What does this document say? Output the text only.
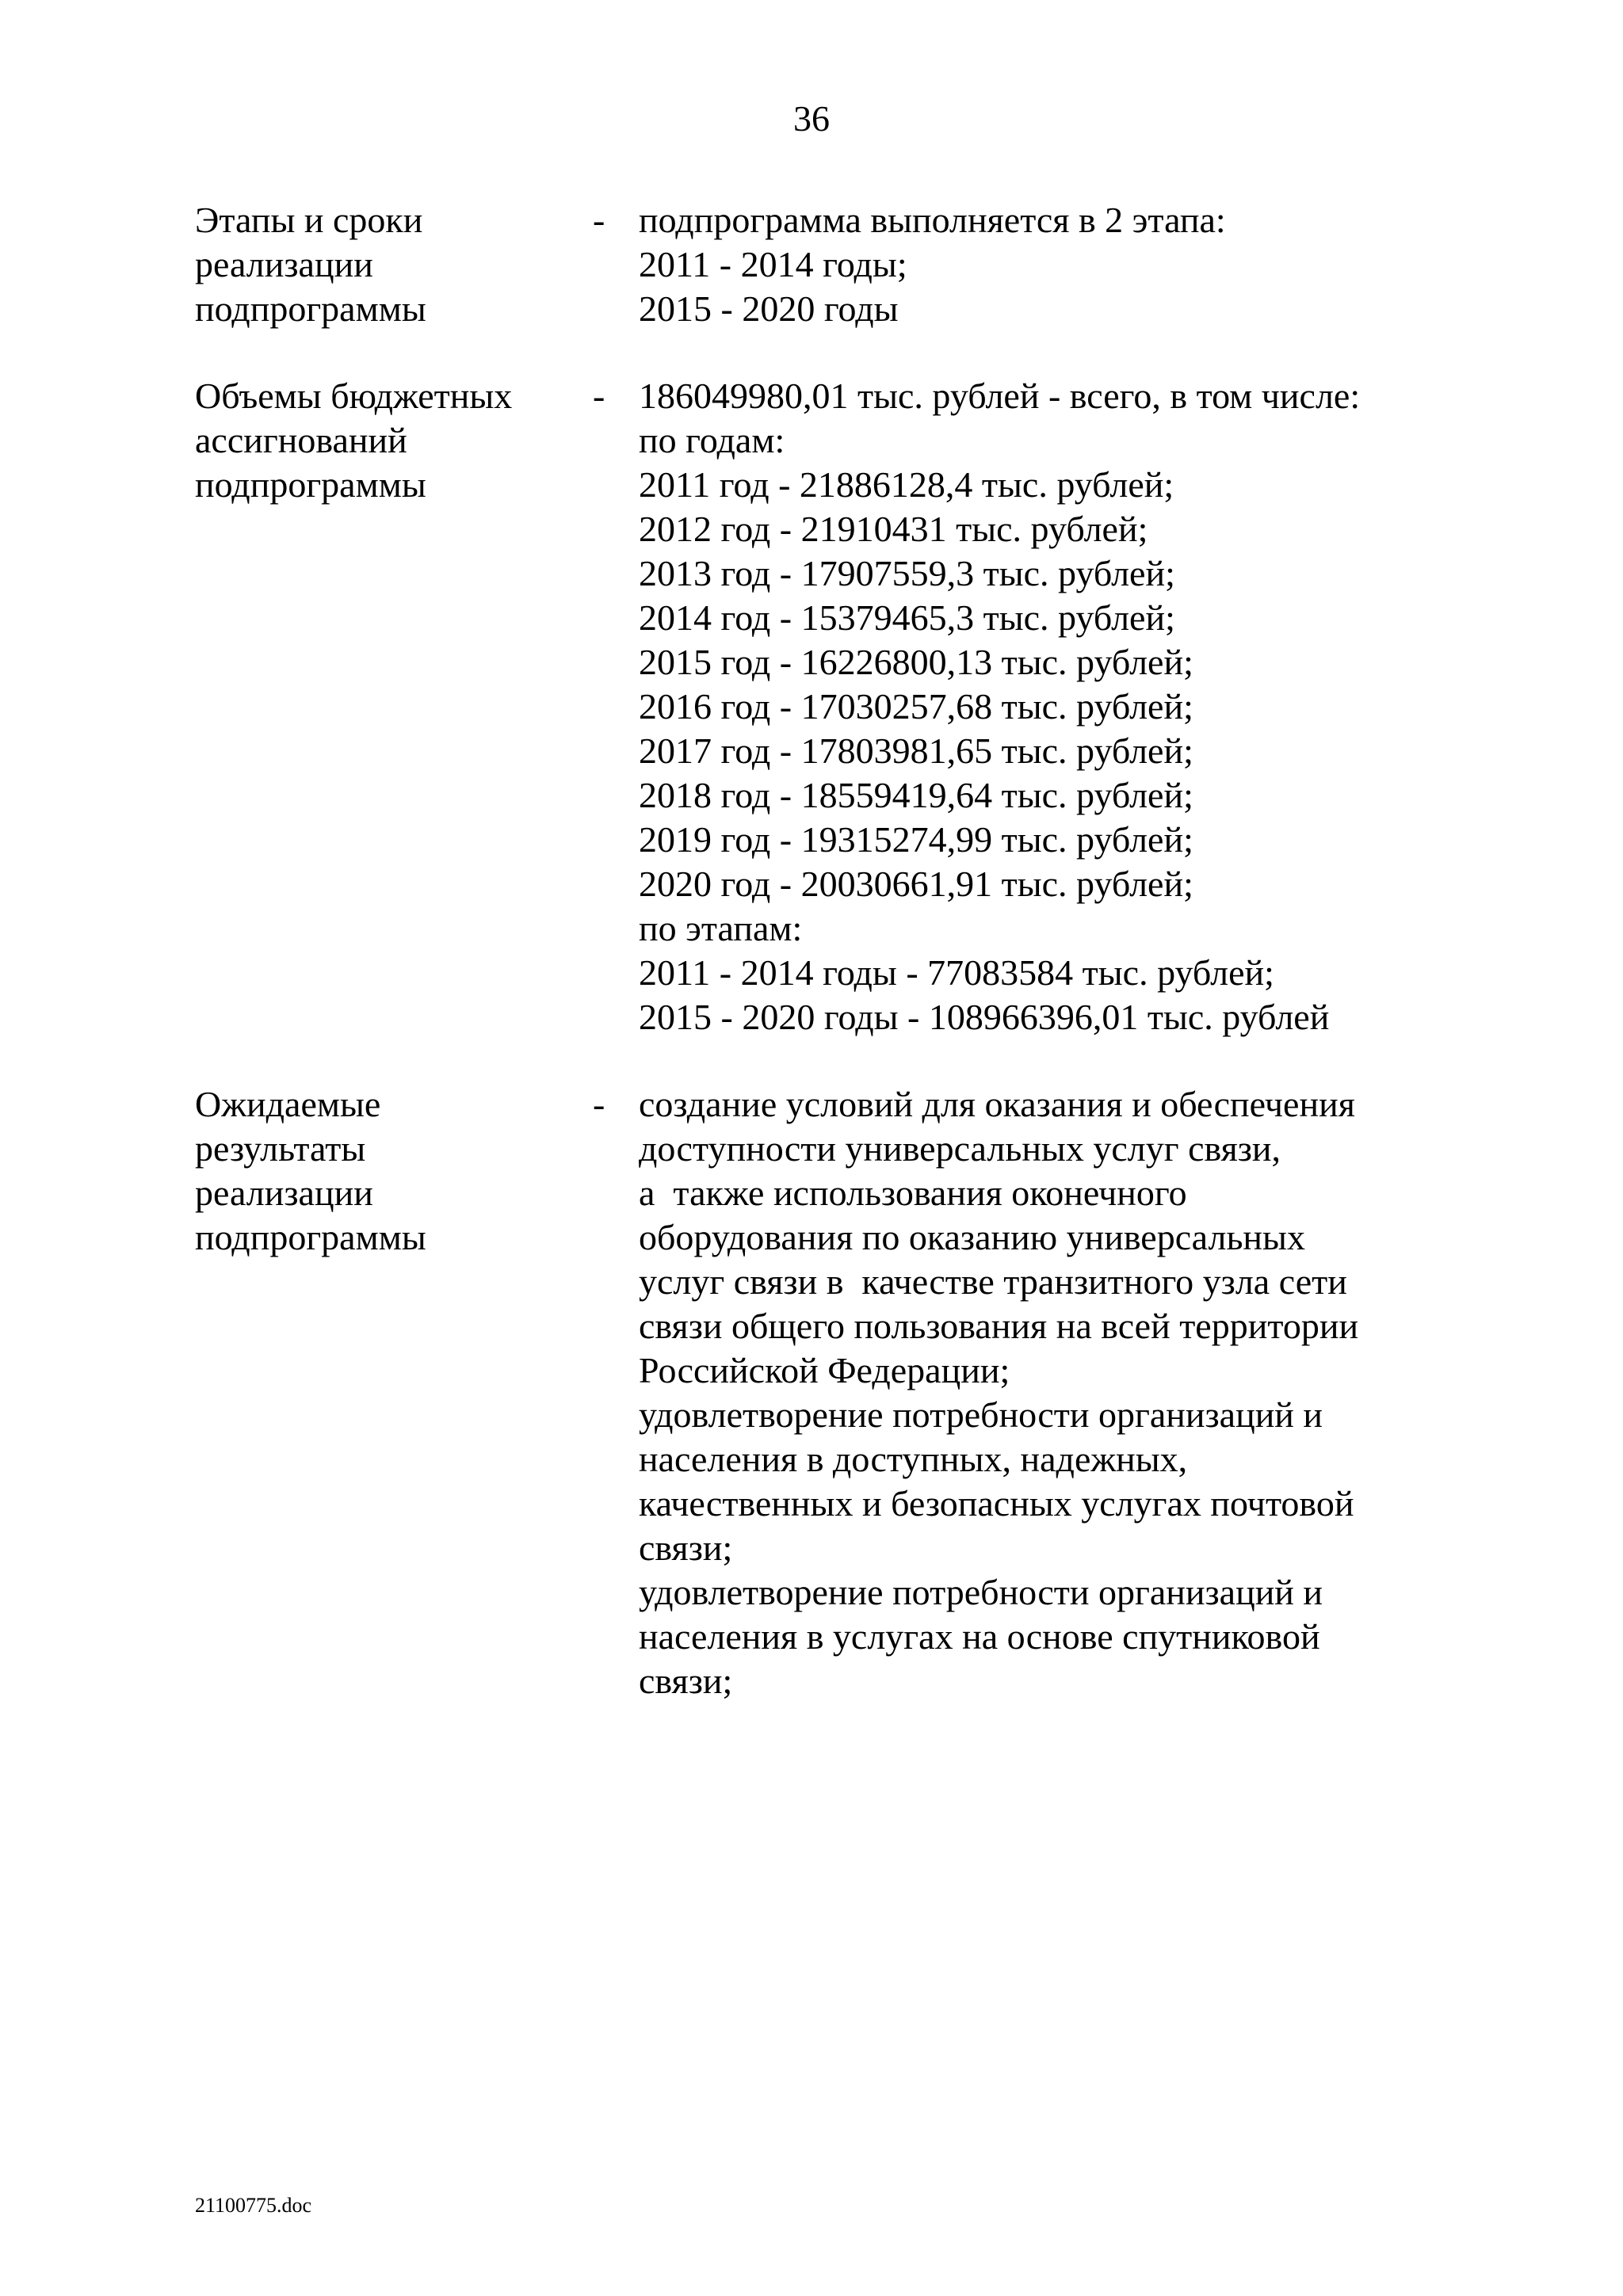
36
Этапы и сроки
реализации
подпрограммы
- подпрограмма выполняется в 2 этапа:
2011 - 2014 годы;
2015 - 2020 годы
Объемы бюджетных
ассигнований
подпрограммы
- 186049980,01 тыс. рублей - всего, в том числе:
по годам:
2011 год - 21886128,4 тыс. рублей;
2012 год - 21910431 тыс. рублей;
2013 год - 17907559,3 тыс. рублей;
2014 год - 15379465,3 тыс. рублей;
2015 год - 16226800,13 тыс. рублей;
2016 год - 17030257,68 тыс. рублей;
2017 год - 17803981,65 тыс. рублей;
2018 год - 18559419,64 тыс. рублей;
2019 год - 19315274,99 тыс. рублей;
2020 год - 20030661,91 тыс. рублей;
по этапам:
2011 - 2014 годы - 77083584 тыс. рублей;
2015 - 2020 годы - 108966396,01 тыс. рублей
Ожидаемые
результаты
реализации
подпрограммы
- создание условий для оказания и обеспечения
доступности универсальных услуг связи,
а  также использования оконечного
оборудования по оказанию универсальных
услуг связи в  качестве транзитного узла сети
связи общего пользования на всей территории
Российской Федерации;
удовлетворение потребности организаций и
населения в доступных, надежных,
качественных и безопасных услугах почтовой
связи;
удовлетворение потребности организаций и
населения в услугах на основе спутниковой
связи;
21100775.doc
